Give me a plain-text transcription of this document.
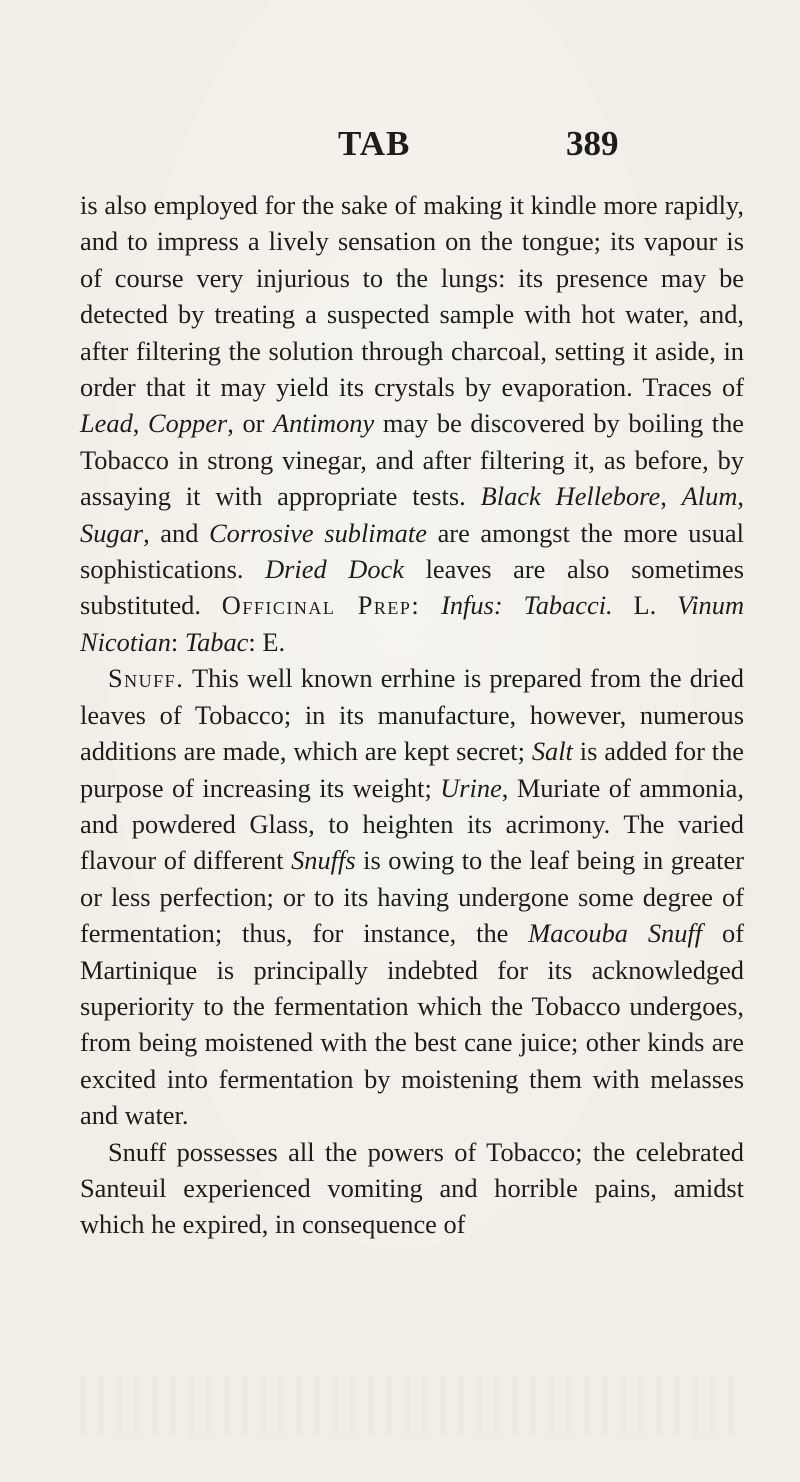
TAB	389

is also employed for the sake of making it kindle more rapidly, and to impress a lively sensation on the tongue; its vapour is of course very injurious to the lungs: its presence may be detected by treating a suspected sample with hot water, and, after filtering the solution through charcoal, setting it aside, in order that it may yield its crystals by evaporation. Traces of Lead, Copper, or Antimony may be discovered by boiling the Tobacco in strong vinegar, and after filtering it, as before, by assaying it with appropriate tests. Black Hellebore, Alum, Sugar, and Corrosive sublimate are amongst the more usual sophistications. Dried Dock leaves are also sometimes substituted. Officinal Prep: Infus: Tabacci. L. Vinum Nicotian: Tabac: E.

Snuff. This well known errhine is prepared from the dried leaves of Tobacco; in its manufacture, however, numerous additions are made, which are kept secret; Salt is added for the purpose of increasing its weight; Urine, Muriate of ammonia, and powdered Glass, to heighten its acrimony. The varied flavour of different Snuffs is owing to the leaf being in greater or less perfection; or to its having undergone some degree of fermentation; thus, for instance, the Macouba Snuff of Martinique is principally indebted for its acknowledged superiority to the fermentation which the Tobacco undergoes, from being moistened with the best cane juice; other kinds are excited into fermentation by moistening them with melasses and water.

Snuff possesses all the powers of Tobacco; the celebrated Santeuil experienced vomiting and horrible pains, amidst which he expired, in consequence of
